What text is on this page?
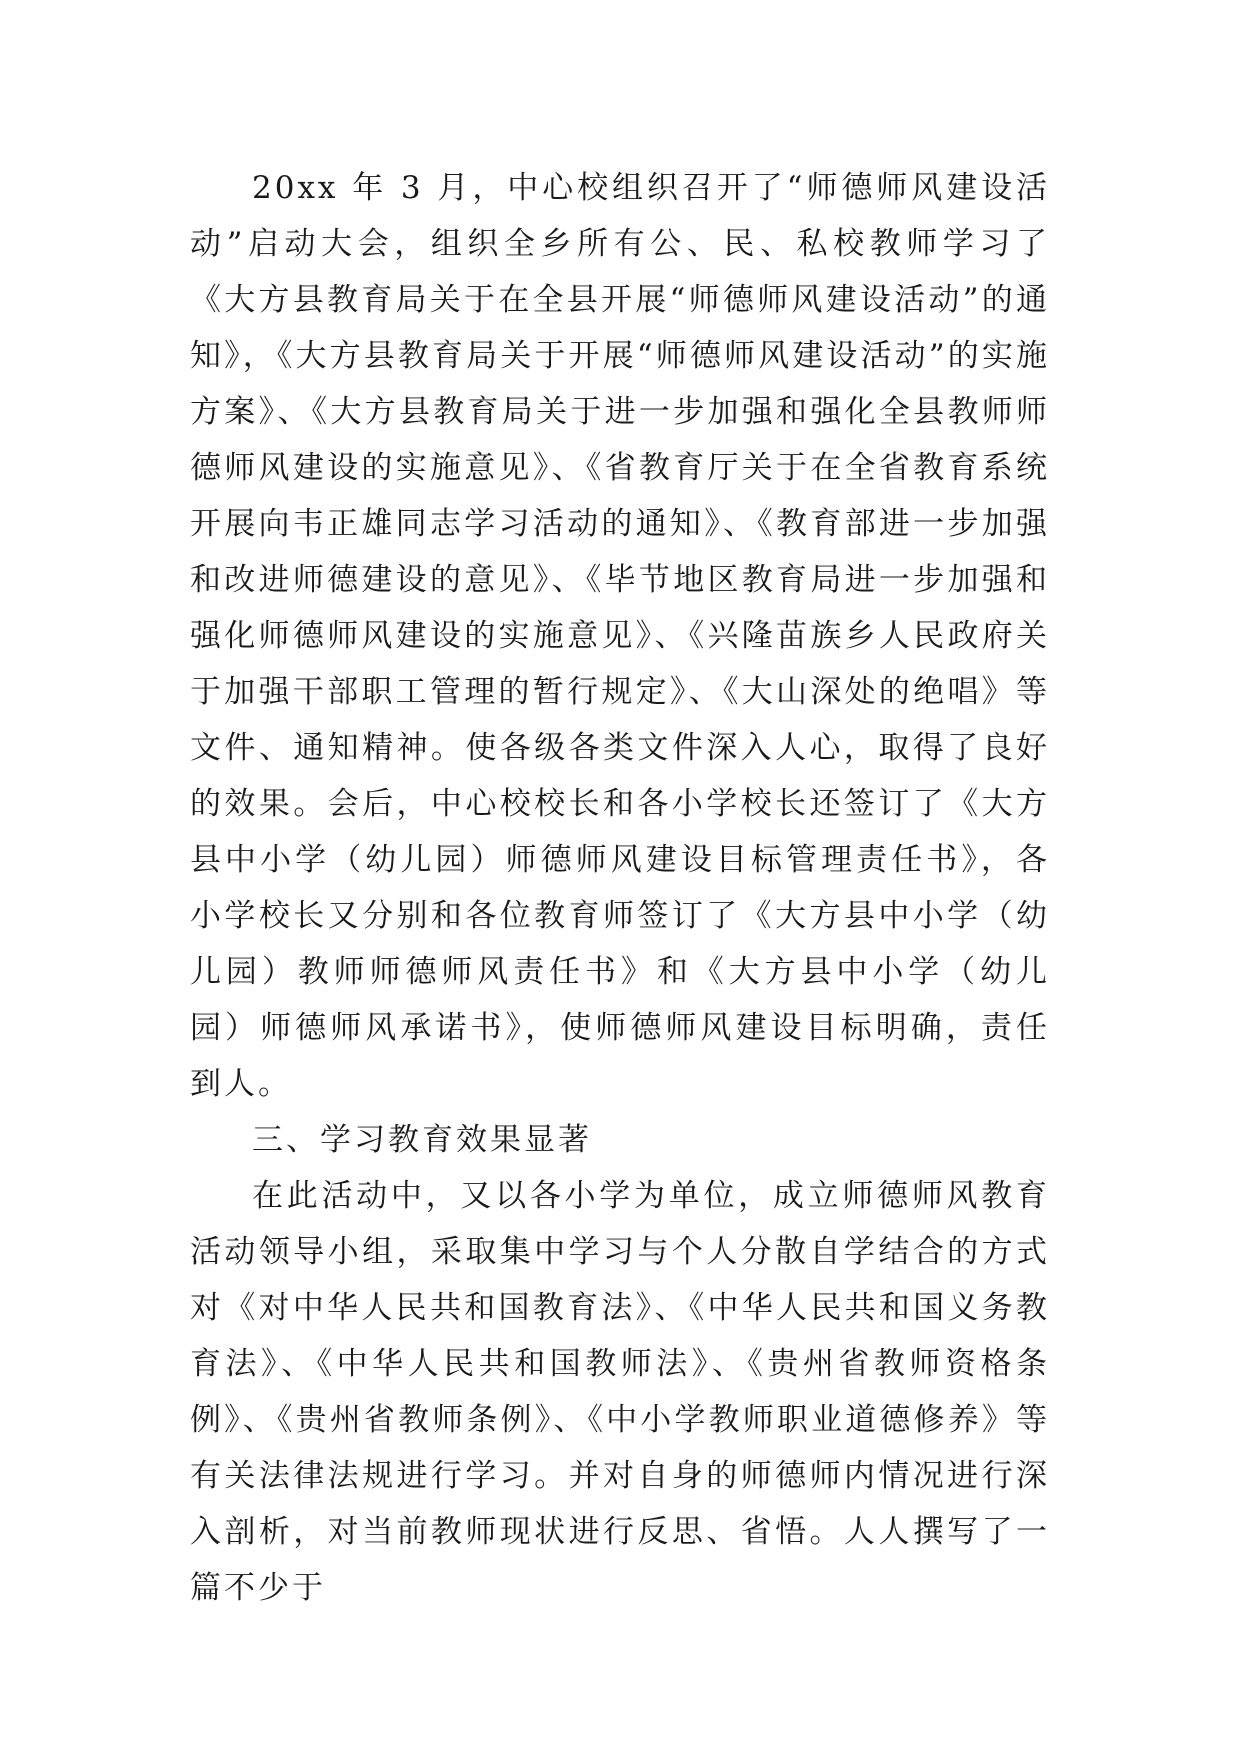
20xx 年 3 月，中心校组织召开了“师德师风建设活动”启动大会，组织全乡所有公、民、私校教师学习了《大方县教育局关于在全县开展“师德师风建设活动”的通知》，《大方县教育局关于开展“师德师风建设活动”的实施方案》、《大方县教育局关于进一步加强和强化全县教师师德师风建设的实施意见》、《省教育厅关于在全省教育系统开展向韦正雄同志学习活动的通知》、《教育部进一步加强和改进师德建设的意见》、《毕节地区教育局进一步加强和强化师德师风建设的实施意见》、《兴隆苗族乡人民政府关于加强干部职工管理的暂行规定》、《大山深处的绝唱》等文件、通知精神。使各级各类文件深入人心，取得了良好的效果。会后，中心校校长和各小学校长还签订了《大方县中小学（幼儿园）师德师风建设目标管理责任书》，各小学校长又分别和各位教育师签订了《大方县中小学（幼儿园）教师师德师风责任书》和《大方县中小学（幼儿园）师德师风承诺书》，使师德师风建设目标明确，责任到人。

三、学习教育效果显著

在此活动中，又以各小学为单位，成立师德师风教育活动领导小组，采取集中学习与个人分散自学结合的方式对《对中华人民共和国教育法》、《中华人民共和国义务教育法》、《中华人民共和国教师法》、《贵州省教师资格条例》、《贵州省教师条例》、《中小学教师职业道德修养》等有关法律法规进行学习。并对自身的师德师内情况进行深入剖析，对当前教师现状进行反思、省悟。人人撰写了一篇不少于
